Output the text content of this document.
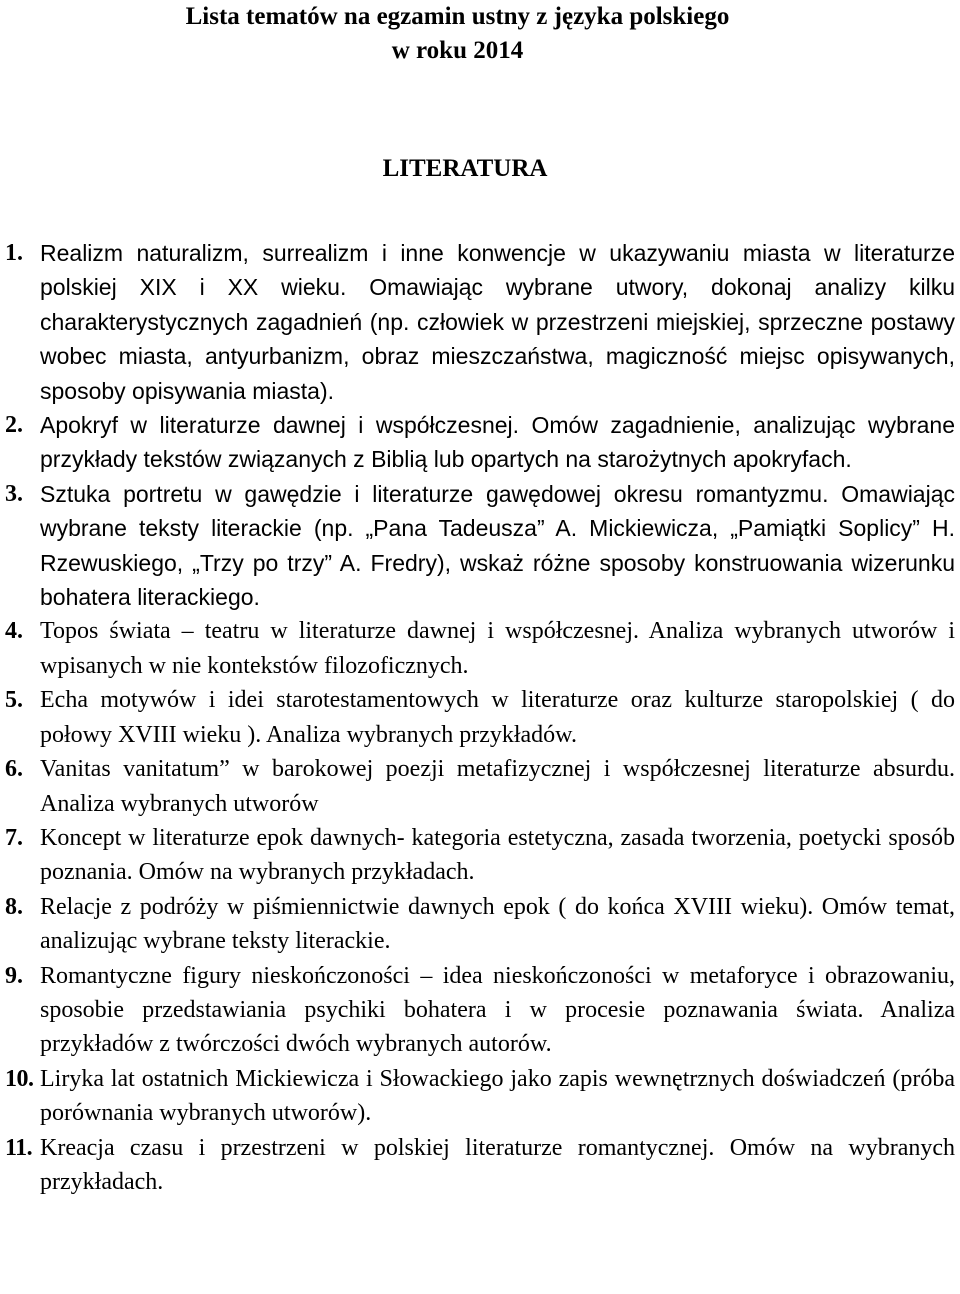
Lista tematów na egzamin ustny z języka polskiego
w roku 2014
LITERATURA
1. Realizm naturalizm, surrealizm i inne konwencje w ukazywaniu miasta w literaturze polskiej XIX i XX wieku. Omawiając wybrane utwory, dokonaj analizy kilku charakterystycznych zagadnień (np. człowiek w przestrzeni miejskiej, sprzeczne postawy wobec miasta, antyurbanizm, obraz mieszczaństwa, magiczność miejsc opisywanych, sposoby opisywania miasta).
2. Apokryf w literaturze dawnej i współczesnej. Omów zagadnienie, analizując wybrane przykłady tekstów związanych z Biblią lub opartych na starożytnych apokryfach.
3. Sztuka portretu w gawędzie i literaturze gawędowej okresu romantyzmu. Omawiając wybrane teksty literackie (np. „Pana Tadeusza” A. Mickiewicza, „Pamiątki Soplicy” H. Rzewuskiego, „Trzy po trzy” A. Fredry), wskaż różne sposoby konstruowania wizerunku bohatera literackiego.
4. Topos świata – teatru w literaturze dawnej i współczesnej. Analiza wybranych utworów i wpisanych w nie kontekstów filozoficznych.
5. Echa motywów i idei starotestamentowych w literaturze oraz kulturze staropolskiej ( do połowy XVIII wieku ). Analiza wybranych przykładów.
6. Vanitas vanitatum” w barokowej poezji metafizycznej i współczesnej literaturze absurdu. Analiza wybranych utworów
7. Koncept w literaturze epok dawnych- kategoria estetyczna, zasada tworzenia, poetycki sposób poznania. Omów na wybranych przykładach.
8. Relacje z podróży w piśmiennictwie dawnych epok ( do końca XVIII wieku). Omów temat, analizując wybrane teksty literackie.
9. Romantyczne figury nieskończoności – idea nieskończoności w metaforyce i obrazowaniu, sposobie przedstawiania psychiki bohatera i w procesie poznawania świata. Analiza przykładów z twórczości dwóch wybranych autorów.
10. Liryka lat ostatnich Mickiewicza i Słowackiego jako zapis wewnętrznych doświadczeń (próba porównania wybranych utworów).
11. Kreacja czasu i przestrzeni w polskiej literaturze romantycznej. Omów na wybranych przykładach.
